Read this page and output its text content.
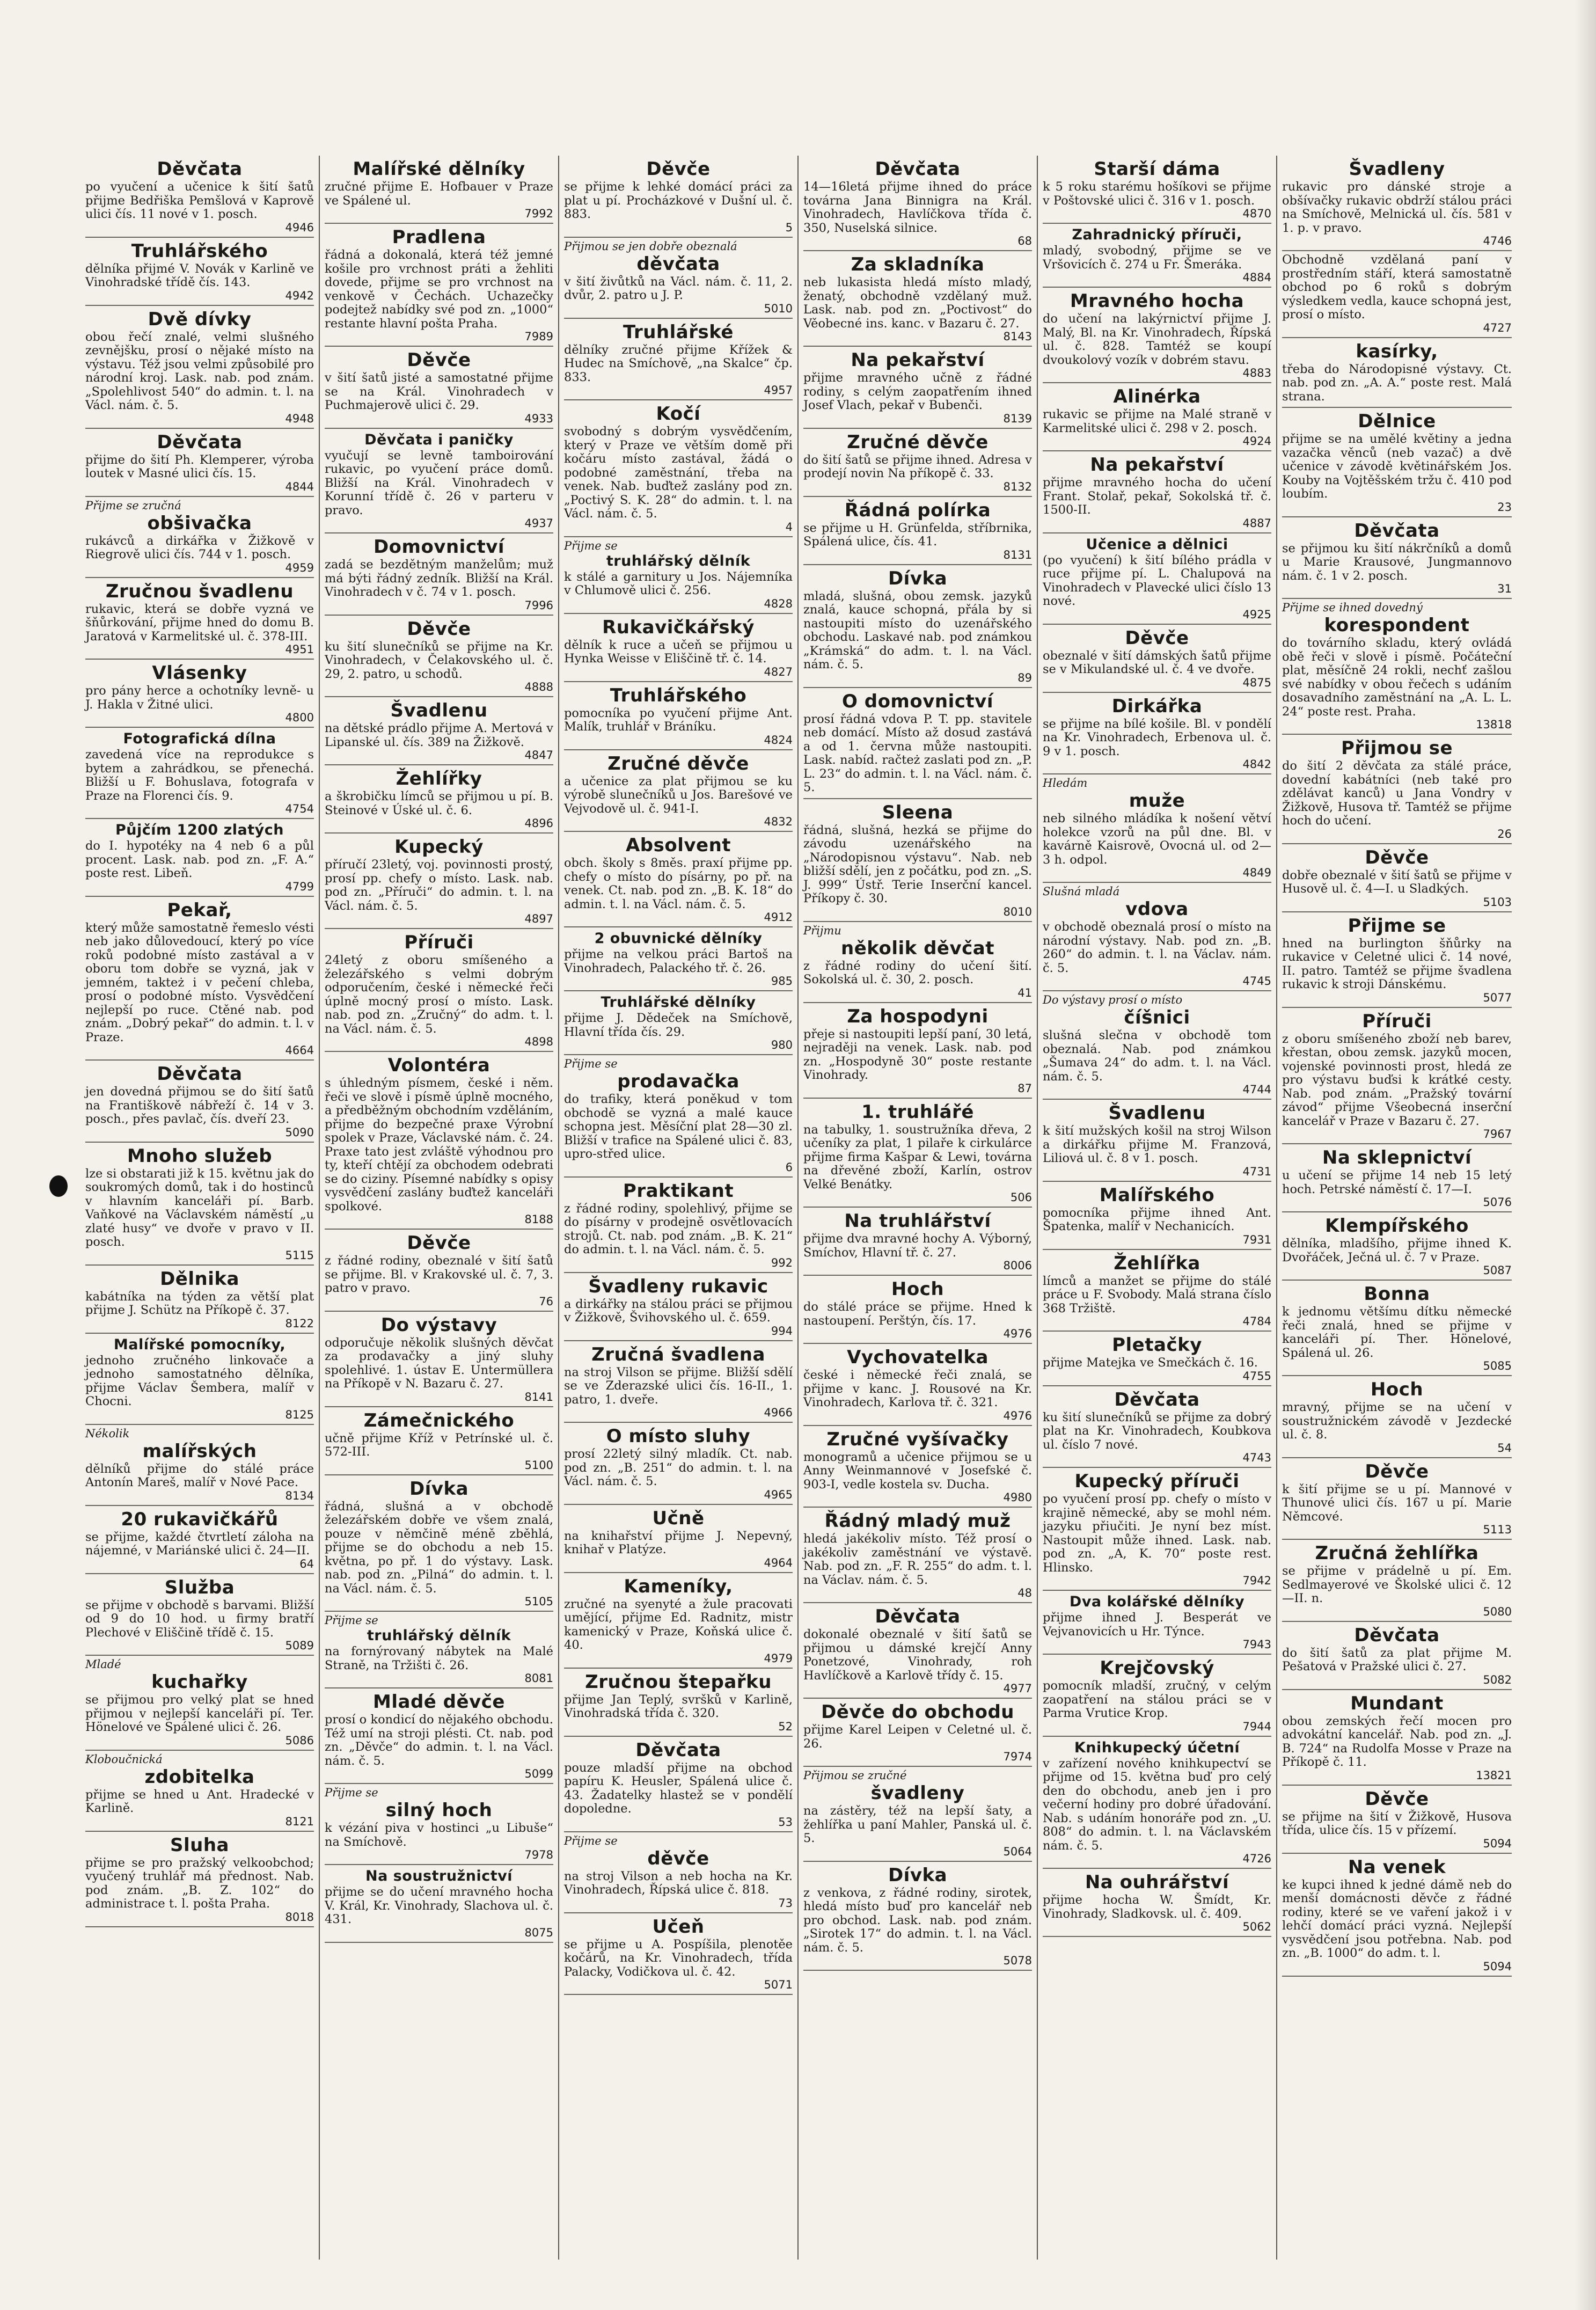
Děvčata

po vyučení a učenice k šití šatů přijme Bedřiška Pemšlová v Kaprově ulici čís. 11 nové v 1. posch.

4946
Truhlářského

dělníka přijmé V. Novák v Karlině ve Vinohradské třídě čís. 143.

4942
Dvě dívky

obou řečí znalé, velmi slušného zevnějšku, prosí o nějaké místo na výstavu. Též jsou velmi způsobilé pro národní kroj. Lask. nab. pod znám. „Spolehlivost 540“ do admin. t. l. na Václ. nám. č. 5.

4948
Děvčata

přijme do šití Ph. Klemperer, výroba loutek v Masné ulici čís. 15.

4844
Přijme se zručná
obšivačka

rukávců a dirkářka v Žižkově v Riegrově ulici čís. 744 v 1. posch.

4959
Zručnou švadlenu

rukavic, která se dobře vyzná ve šňůrkování, přijme hned do domu B. Jaratová v Karmelitské ul. č. 378-III.

4951
Vlásenky

pro pány herce a ochotníky levně- u J. Hakla v Žitné ulici.

4800
Fotografická dílna

zavedená více na reprodukce s bytem a zahrádkou, se přenechá. Bližší u F. Bohuslava, fotografa v Praze na Florenci čís. 9.

4754
Půjčím 1200 zlatých

do I. hypotéky na 4 neb 6 a půl procent. Lask. nab. pod zn. „F. A.“ poste rest. Libeň.

4799
Pekař,

který může samostatně řemeslo vésti neb jako důlovedoucí, který po více roků podobné místo zastával a v oboru tom dobře se vyzná, jak v jemném, takteż i v pečení chleba, prosí o podobné místo. Vysvědčení nejlepší po ruce. Ctěné nab. pod znám. „Dobrý pekař“ do admin. t. l. v Praze.

4664
Děvčata

jen dovedná přijmou se do šití šatů na Františkově nábřeží č. 14 v 3. posch., přes pavlač, čís. dveří 23.

5090
Mnoho služeb

lze si obstarati již k 15. květnu jak do soukromých domů, tak i do hostinců v hlavním kanceláři pí. Barb. Vaňkové na Václavském náměstí „u zlaté husy“ ve dvoře v pravo v II. posch.

5115
Dělnika

kabátníka na týden za větší plat přijme J. Schütz na Příkopě č. 37.

8122
Malířské pomocníky,

jednoho zručného linkovače a jednoho samostatného dělníka, přijme Václav Šembera, malíř v Chocni.

8125
Nékolik
malířských

dělníků přijme do stálé práce Antonín Mareš, malíř v Nové Pace.

8134
20 rukavičkářů

se přijme, každé čtvrtletí záloha na nájemné, v Mariánské ulici č. 24—II.

64
Služba

se přijme v obchodě s barvami. Bližší od 9 do 10 hod. u firmy bratří Plechové v Eliščině třídě č. 15.

5089
Mladé
kuchařky

se přijmou pro velký plat se hned přijmou v nejlepší kanceláři pí. Ter. Hönelové ve Spálené ulici č. 26.

5086
Kloboučnická
zdobitelka

přijme se hned u Ant. Hradecké v Karlině.

8121
Sluha

přijme se pro pražský velkoobchod; vyučený truhlář má přednost. Nab. pod znám. „B. Z. 102“ do administrace t. l. pošta Praha.

8018
Malířské dělníky

zručné přijme E. Hofbauer v Praze ve Spálené ul.

7992
Pradlena

řádná a dokonalá, která též jemné košile pro vrchnost práti a žehliti dovede, přijme se pro vrchnost na venkově v Čechách. Uchazečky podejtež nabídky své pod zn. „1000“ restante hlavní pošta Praha.

7989
Děvče

v šití šatů jisté a samostatné přijme se na Král. Vinohradech v Puchmajerově ulici č. 29.

4933
Děvčata i paničky

vyučují se levně tamboirování rukavic, po vyučení práce domů. Bližší na Král. Vinohradech v Korunní třídě č. 26 v parteru v pravo.

4937
Domovnictví

zadá se bezdětným manželům; muž má býti řádný zedník. Bližší na Král. Vinohradech v č. 74 v 1. posch.

7996
Děvče

ku šití slunečníků se přijme na Kr. Vinohradech, v Čelakovského ul. č. 29, 2. patro, u schodů.

4888
Švadlenu

na dětské prádlo přijme A. Mertová v Lipanské ul. čís. 389 na Žižkově.

4847
Žehlířky

a škrobičku límců se přijmou u pí. B. Steinové v Úské ul. č. 6.

4896
Kupecký

příručí 23letý, voj. povinnosti prostý, prosí pp. chefy o místo. Lask. nab. pod zn. „Příruči“ do admin. t. l. na Václ. nám. č. 5.

4897
Příruči

24letý z oboru smíšeného a železářského s velmi dobrým odporučením, české i německé řeči úplně mocný prosí o místo. Lask. nab. pod zn. „Zručný“ do adm. t. l. na Václ. nám. č. 5.

4898
Volontéra

s úhledným písmem, české i něm. řeči ve slově i písmě úplně mocného, a předběžným obchodním vzděláním, přijme do bezpečné praxe Výrobní spolek v Praze, Václavské nám. č. 24. Praxe tato jest zvláště výhodnou pro ty, kteří chtějí za obchodem odebrati se do ciziny. Písemné nabídky s opisy vysvědčení zaslány buďtež kanceláři spolkové.

8188
Děvče

z řádné rodiny, obeznalé v šití šatů se přijme. Bl. v Krakovské ul. č. 7, 3. patro v pravo.

76
Do výstavy

odporučuje několik slušných děvčat za prodavačky a jiný sluhy spolehlivé. 1. ústav E. Untermüllera na Příkopě v N. Bazaru č. 27.

8141
Zámečnického

učně přijme Kříž v Petrínské ul. č. 572-III.

5100
Dívka

řádná, slušná a v obchodě železářském dobře ve všem znalá, pouze v němčině méně zběhlá, přijme se do obchodu a neb 15. května, po př. 1 do výstavy. Lask. nab. pod zn. „Pilná“ do admin. t. l. na Václ. nám. č. 5.

5105
Přijme se
truhlářský dělník

na fornýrovaný nábytek na Malé Straně, na Tržišti č. 26.

8081
Mladé děvče

prosí o kondicí do nějakého obchodu. Též umí na stroji plésti. Ct. nab. pod zn. „Děvče“ do admin. t. l. na Václ. nám. č. 5.

5099
Přijme se
silný hoch

k vézání piva v hostinci „u Libuše“ na Smíchově.

7978
Na soustružnictví

přijme se do učení mravného hocha V. Král, Kr. Vinohrady, Slachova ul. č. 431.

8075
Děvče

se přijme k lehké domácí práci za plat u pí. Procházkové v Dušní ul. č. 883.

5
Přijmou se jen dobře obeznalá
děvčata

v šití živůtků na Václ. nám. č. 11, 2. dvůr, 2. patro u J. P.

5010
Truhlářské

dělníky zručné přijme Křížek & Hudec na Smíchově, „na Skalce“ čp. 833.

4957
Kočí

svobodný s dobrým vysvědčením, který v Praze ve větším domě při kočáru místo zastával, žádá o podobné zaměstnání, třeba na venek. Nab. buďtež zaslány pod zn. „Poctivý S. K. 28“ do admin. t. l. na Václ. nám. č. 5.

4
Přijme se
truhlářský dělník

k stálé a garnitury u Jos. Nájemníka v Chlumově ulici č. 256.

4828
Rukavičkářský

dělník k ruce a učeň se přijmou u Hynka Weisse v Eliščině tř. č. 14.

4827
Truhlářského

pomocníka po vyučení přijme Ant. Malík, truhlář v Bráníku.

4824
Zručné děvče

a učenice za plat přijmou se ku výrobě slunečníků u Jos. Barešové ve Vejvodově ul. č. 941-I.

4832
Absolvent

obch. školy s 8měs. praxí přijme pp. chefy o místo do písárny, po př. na venek. Ct. nab. pod zn. „B. K. 18“ do admin. t. l. na Václ. nám. č. 5.

4912
2 obuvnické dělníky

přijme na velkou práci Bartoš na Vinohradech, Palackého tř. č. 26.

985
Truhlářské dělníky

přijme J. Dědeček na Smíchově, Hlavní třída čís. 29.

980
Přijme se
prodavačka

do trafiky, která poněkud v tom obchodě se vyzná a malé kauce schopna jest. Měsíční plat 28—30 zl. Bližší v trafice na Spálené ulici č. 83, upro-střed ulice.

6
Praktikant

z řádné rodiny, spolehlivý, přijme se do písárny v prodejně osvětlovacích strojů. Ct. nab. pod znám. „B. K. 21“ do admin. t. l. na Václ. nám. č. 5.

992
Švadleny rukavic

a dirkářky na stálou práci se přijmou v Žižkově, Švihovského ul. č. 659.

994
Zručná švadlena

na stroj Vilson se přijme. Bližší sdělí se ve Zderazské ulici čís. 16-II., 1. patro, 1. dveře.

4966
O místo sluhy

prosí 22letý silný mladík. Ct. nab. pod zn. „B. 251“ do admin. t. l. na Václ. nám. č. 5.

4965
Učně

na knihařství přijme J. Nepevný, knihař v Platýze.

4964
Kameníky,

zručné na syenyté a žule pracovati umějící, přijme Ed. Radnitz, mistr kamenický v Praze, Koňská ulice č. 40.

4979
Zručnou štepařku

přijme Jan Teplý, svršků v Karlině, Vinohradská třída č. 320.

52
Děvčata

pouze mladší přijme na obchod papíru K. Heusler, Spálená ulice č. 43. Žadatelky hlastež se v pondělí dopoledne.

53
Přijme se
děvče

na stroj Vilson a neb hocha na Kr. Vinohradech, Řípská ulice č. 818.

73
Učeň

se přijme u A. Pospíšila, plenotěe kočárů, na Kr. Vinohradech, třída Palacky, Vodičkova ul. č. 42.

5071
Děvčata

14—16letá přijme ihned do práce továrna Jana Binnigra na Král. Vinohradech, Havlíčkova třída č. 350, Nuselská silnice.

68
Za skladníka

neb lukasista hledá místo mladý, ženatý, obchodně vzdělaný muž. Lask. nab. pod zn. „Poctivost“ do Věobecné ins. kanc. v Bazaru č. 27.

8143
Na pekařství

přijme mravného učně z řádné rodiny, s celým zaopatřením ihned Josef Vlach, pekař v Bubenči.

8139
Zručné děvče

do šití šatů se přijme ihned. Adresa v prodejí novin Na příkopě č. 33.

8132
Řádná polírka

se přijme u H. Grünfelda, stříbrnika, Spálená ulice, čís. 41.

8131
Dívka

mladá, slušná, obou zemsk. jazyků znalá, kauce schopná, přála by si nastoupiti místo do uzenářského obchodu. Laskavé nab. pod známkou „Krámská“ do adm. t. l. na Václ. nám. č. 5.

89
O domovnictví

prosí řádná vdova P. T. pp. stavitele neb domácí. Místo až dosud zastává a od 1. června může nastoupiti. Lask. nabíd. račteż zaslati pod zn. „P. L. 23“ do admin. t. l. na Václ. nám. č. 5.

Sleena

řádná, slušná, hezká se přijme do závodu uzenářského na „Národopisnou výstavu“. Nab. neb bližší sdělí, jen z počátku, pod zn. „S. J. 999“ Ústř. Terie Inserční kancel. Příkopy č. 30.

8010
Přijmu
několik děvčat

z řádné rodiny do učení šití. Sokolská ul. č. 30, 2. posch.

41
Za hospodyni

přeje si nastoupiti lepší paní, 30 letá, nejraději na venek. Lask. nab. pod zn. „Hospodyně 30“ poste restante Vinohrady.

87
1. truhlářé

na tabulky, 1. soustružníka dřeva, 2 učeníky za plat, 1 pilaře k cirkulárce přijme firma Kašpar & Lewi, továrna na dřevěné zboží, Karlín, ostrov Velké Benátky.

506
Na truhlářství

přijme dva mravné hochy A. Výborný, Smíchov, Hlavní tř. č. 27.

8006
Hoch

do stálé práce se přijme. Hned k nastoupení. Perštýn, čís. 17.

4976
Vychovatelka

české i německé řeči znalá, se přijme v kanc. J. Rousové na Kr. Vinohradech, Karlova tř. č. 321.

4976
Zručné vyšívačky

monogramů a učenice přijmou se u Anny Weinmannové v Josefské č. 903-I, vedle kostela sv. Ducha.

4980
Řádný mladý muž

hledá jakékoliv místo. Též prosí o jakékoliv zaměstnání ve výstavě. Nab. pod zn. „F. R. 255“ do adm. t. l. na Václav. nám. č. 5.

48
Děvčata

dokonalé obeznalé v šití šatů se přijmou u dámské krejčí Anny Ponetzové, Vinohrady, roh Havlíčkově a Karlově třídy č. 15.

4977
Děvče do obchodu

přijme Karel Leipen v Celetné ul. č. 26.

7974
Přijmou se zručné
švadleny

na zástěry, též na lepší šaty, a žehlířka u paní Mahler, Panská ul. č. 5.

5064
Dívka

z venkova, z řádné rodiny, sirotek, hledá místo buď pro kancelář neb pro obchod. Lask. nab. pod znám. „Sirotek 17“ do admin. t. l. na Václ. nám. č. 5.

5078
Starší dáma

k 5 roku starému hošíkovi se přijme v Poštovské ulici č. 316 v 1. posch.

4870
Zahradnický příruči,

mladý, svobodný, přijme se ve Vršovicích č. 274 u Fr. Šmeráka.

4884
Mravného hocha

do učení na lakýrnictví přijme J. Malý, Bl. na Kr. Vinohradech, Řípská ul. č. 828. Tamtéž se koupí dvoukolový vozík v dobrém stavu.

4883
Alinérka

rukavic se přijme na Malé straně v Karmelitské ulici č. 298 v 2. posch.

4924
Na pekařství

přijme mravného hocha do učení Frant. Stolař, pekař, Sokolská tř. č. 1500-II.

4887
Učenice a dělnici

(po vyučení) k šití bílého prádla v ruce přijme pí. L. Chalupová na Vinohradech v Plavecké ulici číslo 13 nové.

4925
Děvče

obeznalé v šití dámských šatů přijme se v Mikulandské ul. č. 4 ve dvoře.

4875
Dirkářka

se přijme na bílé košile. Bl. v pondělí na Kr. Vinohradech, Erbenova ul. č. 9 v 1. posch.

4842
Hledám
muže

neb silného mládíka k nošení větví holekce vzorů na půl dne. Bl. v kavárně Kaisrově, Ovocná ul. od 2—3 h. odpol.

4849
Slušná mladá
vdova

v obchodě obeznalá prosí o místo na národní výstavy. Nab. pod zn. „B. 260“ do admin. t. l. na Václav. nám. č. 5.

4745
Do výstavy prosí o místo
číšnici

slušná slečna v obchodě tom obeznalá. Nab. pod známkou „Šumava 24“ do adm. t. l. na Václ. nám. č. 5.

4744
Švadlenu

k šití mužských košil na stroj Wilson a dirkářku přijme M. Franzová, Liliová ul. č. 8 v 1. posch.

4731
Malířského

pomocníka přijme ihned Ant. Špatenka, malíř v Nechanicích.

7931
Žehlířka

límců a manžet se přijme do stálé práce u F. Svobody. Malá strana číslo 368 Tržiště.

4784
Pletačky

přijme Matejka ve Smečkách č. 16.

4755
Děvčata

ku šití slunečníků se přijme za dobrý plat na Kr. Vinohradech, Koubkova ul. číslo 7 nové.

4743
Kupecký příruči

po vyučení prosí pp. chefy o místo v krajině německé, aby se mohl ném. jazyku přiučiti. Je nyní bez míst. Nastoupit může ihned. Lask. nab. pod zn. „A, K. 70“ poste rest. Hlinsko.

7942
Dva kolářské dělníky

přijme ihned J. Besperát ve Vejvanovicích u Hr. Týnce.

7943
Krejčovský

pomocník mladší, zručný, v celým zaopatření na stálou práci se v Parma Vrutice Krop.

7944
Knihkupecký účetní

v zařízení nového knihkupectví se přijme od 15. května buď pro celý den do obchodu, aneb jen i pro večerní hodiny pro dobré úřadování. Nab. s udáním honoráře pod zn. „U. 808“ do admin. t. l. na Václavském nám. č. 5.

4726
Na ouhrářství

přijme hocha W. Šmídt, Kr. Vinohrady, Sladkovsk. ul. č. 409.

5062
Švadleny

rukavic pro dánské stroje a obšívačky rukavic obdrží stálou práci na Smíchově, Melnická ul. čís. 581 v 1. p. v pravo.

4746

Obchodně vzdělaná paní v prostředním stáří, která samostatně obchod po 6 roků s dobrým výsledkem vedla, kauce schopná jest, prosí o místo.

4727
kasírky,

třeba do Národopisné výstavy. Ct. nab. pod zn. „A. A.“ poste rest. Malá strana.

Dělnice

přijme se na umělé květiny a jedna vazačka věnců (neb vazač) a dvě učenice v závodě květinářském Jos. Kouby na Vojtěšském tržu č. 410 pod loubím.

23
Děvčata

se přijmou ku šití nákrčníků a domů u Marie Krausové, Jungmannovo nám. č. 1 v 2. posch.

31
Přijme se ihned dovedný
korespondent

do továrního skladu, který ovládá obě řeči v slově i písmě. Počáteční plat, měsíčně 24 rokli, nechť zašlou své nabídky v obou řečech s udáním dosavadního zaměstnání na „A. L. L. 24“ poste rest. Praha.

13818
Přijmou se

do šití 2 děvčata za stálé práce, dovední kabátníci (neb také pro zdělávat kanců) u Jana Vondry v Žižkově, Husova tř. Tamtéž se přijme hoch do učení.

26
Děvče

dobře obeznalé v šití šatů se přijme v Husově ul. č. 4—I. u Sladkých.

5103
Přijme se

hned na burlington šňůrky na rukavice v Celetné ulici č. 14 nové, II. patro. Tamtéž se přijme švadlena rukavic k stroji Dánskému.

5077
Příruči

z oboru smíšeného zboží neb barev, křestan, obou zemsk. jazyků mocen, vojenské povinnosti prost, hledá ze pro výstavu buďsi k krátké cesty. Nab. pod znám. „Pražský tovární závod“ přijme Všeobecná inserční kancelář v Praze v Bazaru č. 27.

7967
Na sklepnictví

u učení se přijme 14 neb 15 letý hoch. Petrské náměstí č. 17—I.

5076
Klempířského

dělníka, mladšího, přijme ihned K. Dvořáček, Ječná ul. č. 7 v Praze.

5087
Bonna

k jednomu většímu dítku německé řeči znalá, hned se přijme v kanceláři pí. Ther. Hönelové, Spálená ul. 26.

5085
Hoch

mravný, přijme se na učení v soustružnickém závodě v Jezdecké ul. č. 8.

54
Děvče

k šití přijme se u pí. Mannové v Thunové ulici čís. 167 u pí. Marie Němcové.

5113
Zručná žehlířka

se přijme v prádelně u pí. Em. Sedlmayerové ve Školské ulici č. 12—II. n.

5080
Děvčata

do šití šatů za plat přijme M. Pešatová v Pražské ulici č. 27.

5082
Mundant

obou zemských řečí mocen pro advokátní kancelář. Nab. pod zn. „J. B. 724“ na Rudolfa Mosse v Praze na Příkopě č. 11.

13821
Děvče

se přijme na šití v Žižkově, Husova třída, ulice čís. 15 v přízemí.

5094
Na venek

ke kupci ihned k jedné dámě neb do menší domácnosti děvče z řádné rodiny, které se ve vaření jakož i v lehčí domácí práci vyzná. Nejlepší vysvědčení jsou potřebna. Nab. pod zn. „B. 1000“ do adm. t. l.

5094
